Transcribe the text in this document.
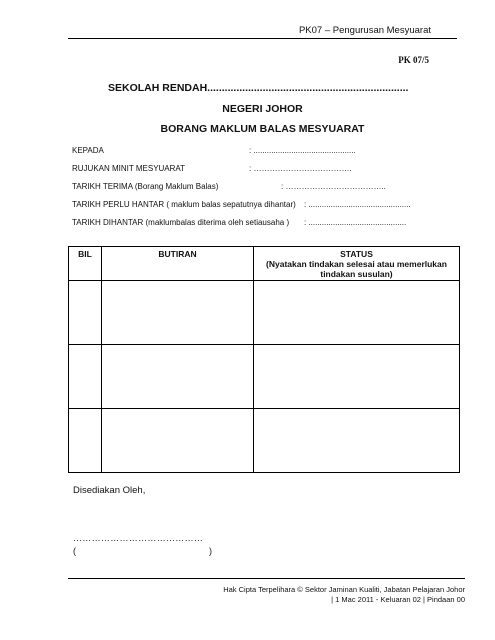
PK07 – Pengurusan Mesyuarat
PK 07/5
SEKOLAH RENDAH.....................................................................
NEGERI JOHOR
BORANG MAKLUM BALAS MESYUARAT
KEPADA	: ..............................................
RUJUKAN MINIT MESYUARAT	: ……………………………….
TARIKH TERIMA (Borang Maklum Balas)	: ………………………………..
TARIKH PERLU HANTAR ( maklum balas sepatutnya dihantar) : ..............................................
TARIKH DIHANTAR (maklumbalas diterima oleh setiausaha ) : ............................................
BIL	BUTIRAN	STATUS
(Nyatakan tindakan selesai atau memerlukan tindakan susulan)

Disediakan Oleh,
……………………………………
(	)
Hak Cipta Terpelihara © Sektor Jaminan Kualiti, Jabatan Pelajaran Johor
| 1 Mac 2011 - Keluaran 02 | Pindaan 00
